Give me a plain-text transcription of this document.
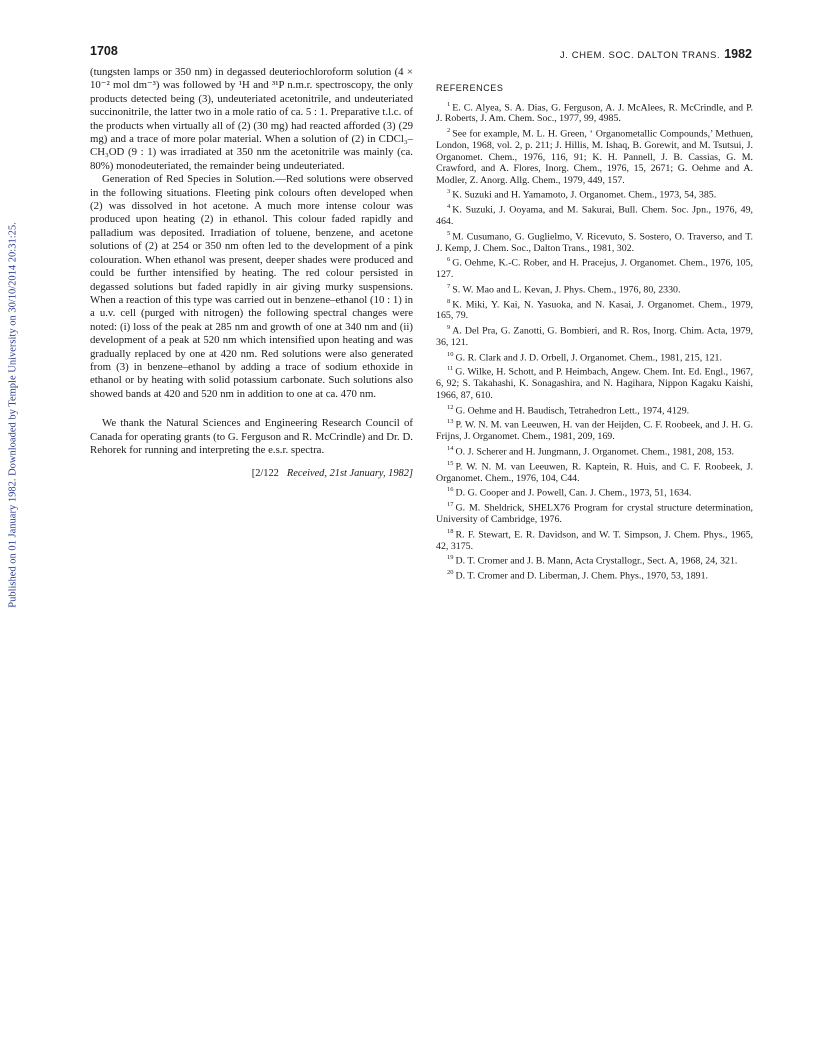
Published on 01 January 1982. Downloaded by Temple University on 30/10/2014 20:31:25.
1708	J. CHEM. SOC. DALTON TRANS. 1982

(tungsten lamps or 350 nm) in degassed deuteriochloroform solution (4 × 10⁻² mol dm⁻³) was followed by ¹H and ³¹P n.m.r. spectroscopy, the only products detected being (3), undeuteriated acetonitrile, and undeuteriated succinonitrile, the latter two in a mole ratio of ca. 5 : 1. Preparative t.l.c. of the products when virtually all of (2) (30 mg) had reacted afforded (3) (29 mg) and a trace of more polar material. When a solution of (2) in CDCl₃–CH₃OD (9 : 1) was irradiated at 350 nm the acetonitrile was mainly (ca. 80%) monodeuteriated, the remainder being undeuteriated.

Generation of Red Species in Solution.—Red solutions were observed in the following situations. Fleeting pink colours often developed when (2) was dissolved in hot acetone. A much more intense colour was produced upon heating (2) in ethanol. This colour faded rapidly and palladium was deposited. Irradiation of toluene, benzene, and acetone solutions of (2) at 254 or 350 nm often led to the development of a pink colouration. When ethanol was present, deeper shades were produced and could be further intensified by heating. The red colour persisted in degassed solutions but faded rapidly in air giving murky suspensions. When a reaction of this type was carried out in benzene–ethanol (10 : 1) in a u.v. cell (purged with nitrogen) the following spectral changes were noted: (i) loss of the peak at 285 nm and growth of one at 340 nm and (ii) development of a peak at 520 nm which intensified upon heating and was gradually replaced by one at 420 nm. Red solutions were also generated from (3) in benzene–ethanol by adding a trace of sodium ethoxide in ethanol or by heating with solid potassium carbonate. Such solutions also showed bands at 420 and 520 nm in addition to one at ca. 470 nm.

We thank the Natural Sciences and Engineering Research Council of Canada for operating grants (to G. Ferguson and R. McCrindle) and Dr. D. Rehorek for running and interpreting the e.s.r. spectra.

[2/122 Received, 21st January, 1982]
REFERENCES

$^1$ E. C. Alyea, S. A. Dias, G. Ferguson, A. J. McAlees, R. McCrindle, and P. J. Roberts, J. Am. Chem. Soc., 1977, 99, 4985.

$^2$ See for example, M. L. H. Green, ‘ Organometallic Compounds,’ Methuen, London, 1968, vol. 2, p. 211; J. Hillis, M. Ishaq, B. Gorewit, and M. Tsutsui, J. Organomet. Chem., 1976, 116, 91; K. H. Pannell, J. B. Cassias, G. M. Crawford, and A. Flores, Inorg. Chem., 1976, 15, 2671; G. Oehme and A. Modler, Z. Anorg. Allg. Chem., 1979, 449, 157.

$^3$ K. Suzuki and H. Yamamoto, J. Organomet. Chem., 1973, 54, 385.

$^4$ K. Suzuki, J. Ooyama, and M. Sakurai, Bull. Chem. Soc. Jpn., 1976, 49, 464.

$^5$ M. Cusumano, G. Guglielmo, V. Ricevuto, S. Sostero, O. Traverso, and T. J. Kemp, J. Chem. Soc., Dalton Trans., 1981, 302.

$^6$ G. Oehme, K.-C. Rober, and H. Pracejus, J. Organomet. Chem., 1976, 105, 127.

$^7$ S. W. Mao and L. Kevan, J. Phys. Chem., 1976, 80, 2330.

$^8$ K. Miki, Y. Kai, N. Yasuoka, and N. Kasai, J. Organomet. Chem., 1979, 165, 79.

$^9$ A. Del Pra, G. Zanotti, G. Bombieri, and R. Ros, Inorg. Chim. Acta, 1979, 36, 121.

$^{10}$ G. R. Clark and J. D. Orbell, J. Organomet. Chem., 1981, 215, 121.

$^{11}$ G. Wilke, H. Schott, and P. Heimbach, Angew. Chem. Int. Ed. Engl., 1967, 6, 92; S. Takahashi, K. Sonagashira, and N. Hagihara, Nippon Kagaku Kaishi, 1966, 87, 610.

$^{12}$ G. Oehme and H. Baudisch, Tetrahedron Lett., 1974, 4129.

$^{13}$ P. W. N. M. van Leeuwen, H. van der Heijden, C. F. Roobeek, and J. H. G. Frijns, J. Organomet. Chem., 1981, 209, 169.

$^{14}$ O. J. Scherer and H. Jungmann, J. Organomet. Chem., 1981, 208, 153.

$^{15}$ P. W. N. M. van Leeuwen, R. Kaptein, R. Huis, and C. F. Roobeek, J. Organomet. Chem., 1976, 104, C44.

$^{16}$ D. G. Cooper and J. Powell, Can. J. Chem., 1973, 51, 1634.

$^{17}$ G. M. Sheldrick, SHELX76 Program for crystal structure determination, University of Cambridge, 1976.

$^{18}$ R. F. Stewart, E. R. Davidson, and W. T. Simpson, J. Chem. Phys., 1965, 42, 3175.

$^{19}$ D. T. Cromer and J. B. Mann, Acta Crystallogr., Sect. A, 1968, 24, 321.

$^{20}$ D. T. Cromer and D. Liberman, J. Chem. Phys., 1970, 53, 1891.
